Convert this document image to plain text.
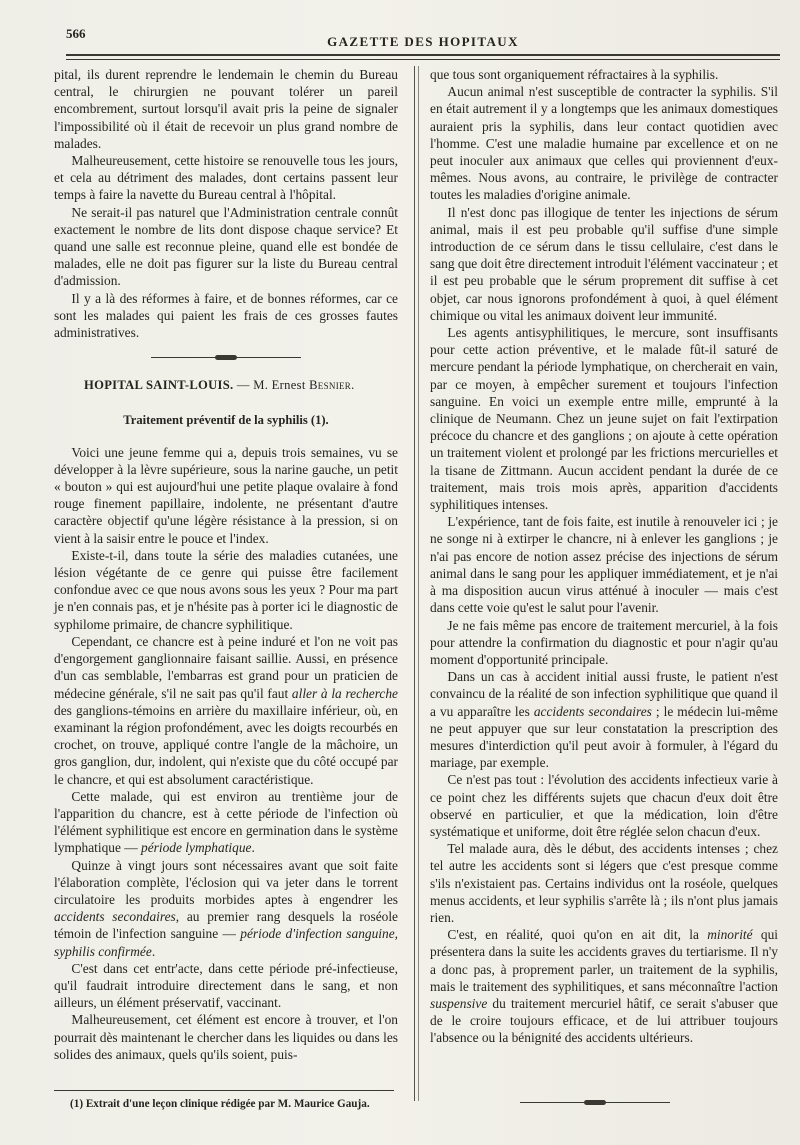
566
GAZETTE DES HOPITAUX

pital, ils durent reprendre le lendemain le chemin du Bureau central, le chirurgien ne pouvant tolérer un pareil encombrement, surtout lorsqu'il avait pris la peine de signaler l'impossibilité où il était de recevoir un plus grand nombre de malades.

Malheureusement, cette histoire se renouvelle tous les jours, et cela au détriment des malades, dont certains passent leur temps à faire la navette du Bureau central à l'hôpital.

Ne serait-il pas naturel que l'Administration centrale connût exactement le nombre de lits dont dispose chaque service? Et quand une salle est reconnue pleine, quand elle est bondée de malades, elle ne doit pas figurer sur la liste du Bureau central d'admission.

Il y a là des réformes à faire, et de bonnes réformes, car ce sont les malades qui paient les frais de ces grosses fautes administratives.

HOPITAL SAINT-LOUIS. — M. Ernest Besnier.

Traitement préventif de la syphilis (1).

Voici une jeune femme qui a, depuis trois semaines, vu se développer à la lèvre supérieure, sous la narine gauche, un petit « bouton » qui est aujourd'hui une petite plaque ovalaire à fond rouge finement papillaire, indolente, ne présentant d'autre caractère objectif qu'une légère résistance à la pression, si on vient à la saisir entre le pouce et l'index.

Existe-t-il, dans toute la série des maladies cutanées, une lésion végétante de ce genre qui puisse être facilement confondue avec ce que nous avons sous les yeux ? Pour ma part je n'en connais pas, et je n'hésite pas à porter ici le diagnostic de syphilome primaire, de chancre syphilitique.

Cependant, ce chancre est à peine induré et l'on ne voit pas d'engorgement ganglionnaire faisant saillie. Aussi, en présence d'un cas semblable, l'embarras est grand pour un praticien de médecine générale, s'il ne sait pas qu'il faut aller à la recherche des ganglions-témoins en arrière du maxillaire inférieur, où, en examinant la région profondément, avec les doigts recourbés en crochet, on trouve, appliqué contre l'angle de la mâchoire, un gros ganglion, dur, indolent, qui n'existe que du côté occupé par le chancre, et qui est absolument caractéristique.

Cette malade, qui est environ au trentième jour de l'apparition du chancre, est à cette période de l'infection où l'élément syphilitique est encore en germination dans le système lymphatique — période lymphatique.

Quinze à vingt jours sont nécessaires avant que soit faite l'élaboration complète, l'éclosion qui va jeter dans le torrent circulatoire les produits morbides aptes à engendrer les accidents secondaires, au premier rang desquels la roséole témoin de l'infection sanguine — période d'infection sanguine, syphilis confirmée.

C'est dans cet entr'acte, dans cette période pré-infectieuse, qu'il faudrait introduire directement dans le sang, et non ailleurs, un élément préservatif, vaccinant.

Malheureusement, cet élément est encore à trouver, et l'on pourrait dès maintenant le chercher dans les liquides ou dans les solides des animaux, quels qu'ils soient, puis-

(1) Extrait d'une leçon clinique rédigée par M. Maurice Gauja.

que tous sont organiquement réfractaires à la syphilis.

Aucun animal n'est susceptible de contracter la syphilis. S'il en était autrement il y a longtemps que les animaux domestiques auraient pris la syphilis, dans leur contact quotidien avec l'homme. C'est une maladie humaine par excellence et on ne peut inoculer aux animaux que celles qui proviennent d'eux-mêmes. Nous avons, au contraire, le privilège de contracter toutes les maladies d'origine animale.

Il n'est donc pas illogique de tenter les injections de sérum animal, mais il est peu probable qu'il suffise d'une simple introduction de ce sérum dans le tissu cellulaire, c'est dans le sang que doit être directement introduit l'élément vaccinateur ; et il est peu probable que le sérum proprement dit suffise à cet objet, car nous ignorons profondément à quoi, à quel élément chimique ou vital les animaux doivent leur immunité.

Les agents antisyphilitiques, le mercure, sont insuffisants pour cette action préventive, et le malade fût-il saturé de mercure pendant la période lymphatique, on chercherait en vain, par ce moyen, à empêcher surement et toujours l'infection sanguine. En voici un exemple entre mille, emprunté à la clinique de Neumann. Chez un jeune sujet on fait l'extirpation précoce du chancre et des ganglions ; on ajoute à cette opération un traitement violent et prolongé par les frictions mercurielles et la tisane de Zittmann. Aucun accident pendant la durée de ce traitement, mais trois mois après, apparition d'accidents syphilitiques intenses.

L'expérience, tant de fois faite, est inutile à renouveler ici ; je ne songe ni à extirper le chancre, ni à enlever les ganglions ; je n'ai pas encore de notion assez précise des injections de sérum animal dans le sang pour les appliquer immédiatement, et je n'ai à ma disposition aucun virus atténué à inoculer — mais c'est dans cette voie qu'est le salut pour l'avenir.

Je ne fais même pas encore de traitement mercuriel, à la fois pour attendre la confirmation du diagnostic et pour n'agir qu'au moment d'opportunité principale.

Dans un cas à accident initial aussi fruste, le patient n'est convaincu de la réalité de son infection syphilitique que quand il a vu apparaître les accidents secondaires ; le médecin lui-même ne peut appuyer que sur leur constatation la prescription des mesures d'interdiction qu'il peut avoir à formuler, à l'égard du mariage, par exemple.

Ce n'est pas tout : l'évolution des accidents infectieux varie à ce point chez les différents sujets que chacun d'eux doit être observé en particulier, et que la médication, loin d'être systématique et uniforme, doit être réglée selon chacun d'eux.

Tel malade aura, dès le début, des accidents intenses ; chez tel autre les accidents sont si légers que c'est presque comme s'ils n'existaient pas. Certains individus ont la roséole, quelques menus accidents, et leur syphilis s'arrête là ; ils n'ont plus jamais rien.

C'est, en réalité, quoi qu'on en ait dit, la minorité qui présentera dans la suite les accidents graves du tertiarisme. Il n'y a donc pas, à proprement parler, un traitement de la syphilis, mais le traitement des syphilitiques, et sans méconnaître l'action suspensive du traitement mercuriel hâtif, ce serait s'abuser que de le croire toujours efficace, et de lui attribuer toujours l'absence ou la bénignité des accidents ultérieurs.
